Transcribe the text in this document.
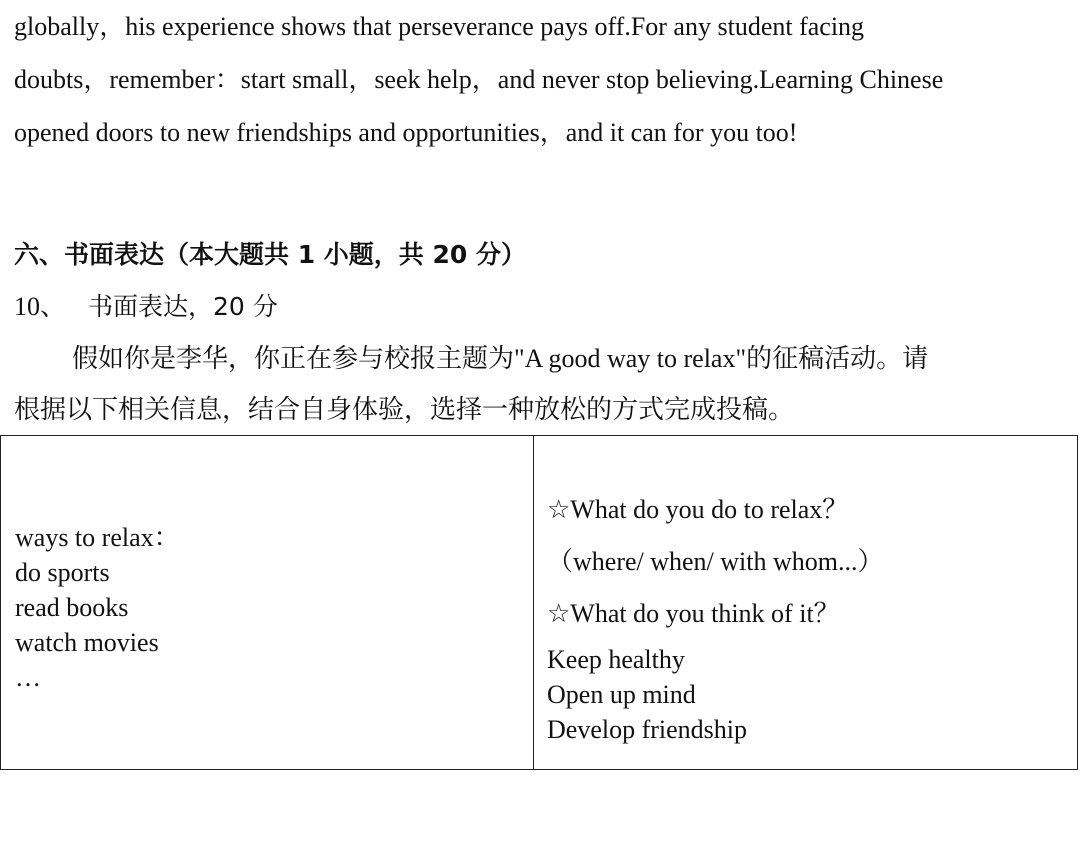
globally，his experience shows that perseverance pays off.For any student facing
doubts，remember：start small，seek help，and never stop believing.Learning Chinese
opened doors to new friendships and opportunities，and it can for you too!
六、书面表达（本大题共 1 小题，共 20 分）
10、 书面表达，20 分
假如你是李华，你正在参与校报主题为"A good way to relax"的征稿活动。请
根据以下相关信息，结合自身体验，选择一种放松的方式完成投稿。
ways to relax：
do sports
read books
watch movies
…
☆What do you do to relax？
（where/ when/ with whom...）
☆What do you think of it？
Keep healthy
Open up mind
Develop friendship
